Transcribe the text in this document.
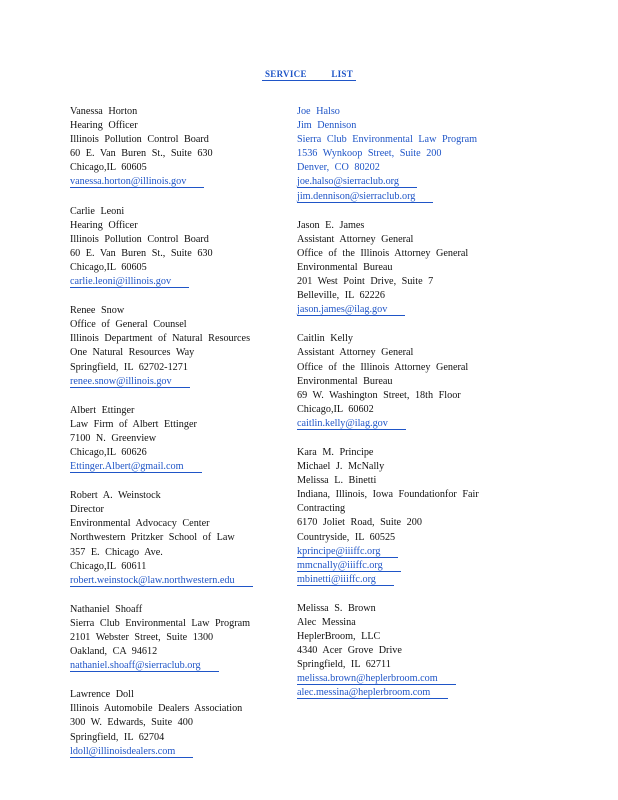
SERVICE LIST
Vanessa Horton
Hearing Officer
Illinois Pollution Control Board
60 E. Van Buren St., Suite 630
Chicago,IL 60605
vanessa.horton@illinois.gov
Carlie Leoni
Hearing Officer
Illinois Pollution Control Board
60 E. Van Buren St., Suite 630
Chicago,IL 60605
carlie.leoni@illinois.gov
Renee Snow
Office of General Counsel
Illinois Department of Natural Resources
One Natural Resources Way
Springfield, IL 62702-1271
renee.snow@illinois.gov
Albert Ettinger
Law Firm of Albert Ettinger
7100 N. Greenview
Chicago,IL 60626
Ettinger.Albert@gmail.com
Robert A. Weinstock
Director
Environmental Advocacy Center
Northwestern Pritzker School of Law
357 E. Chicago Ave.
Chicago,IL 60611
robert.weinstock@law.northwestern.edu
Nathaniel Shoaff
Sierra Club Environmental Law Program
2101 Webster Street, Suite 1300
Oakland, CA 94612
nathaniel.shoaff@sierraclub.org
Lawrence Doll
Illinois Automobile Dealers Association
300 W. Edwards, Suite 400
Springfield, IL 62704
ldoll@illinoisdealers.com
Joe Halso
Jim Dennison
Sierra Club Environmental Law Program
1536 Wynkoop Street, Suite 200
Denver, CO 80202
joe.halso@sierraclub.org
jim.dennison@sierraclub.org
Jason E. James
Assistant Attorney General
Office of the Illinois Attorney General
Environmental Bureau
201 West Point Drive, Suite 7
Belleville, IL 62226
jason.james@ilag.gov
Caitlin Kelly
Assistant Attorney General
Office of the Illinois Attorney General
Environmental Bureau
69 W. Washington Street, 18th Floor
Chicago,IL 60602
caitlin.kelly@ilag.gov
Kara M. Principe
Michael J. McNally
Melissa L. Binetti
Indiana, Illinois, Iowa Foundationfor Fair
Contracting
6170 Joliet Road, Suite 200
Countryside, IL 60525
kprincipe@iiiffc.org
mmcnally@iiiffc.org
mbinetti@iiiffc.org
Melissa S. Brown
Alec Messina
HeplerBroom, LLC
4340 Acer Grove Drive
Springfield, IL 62711
melissa.brown@heplerbroom.com
alec.messina@heplerbroom.com
